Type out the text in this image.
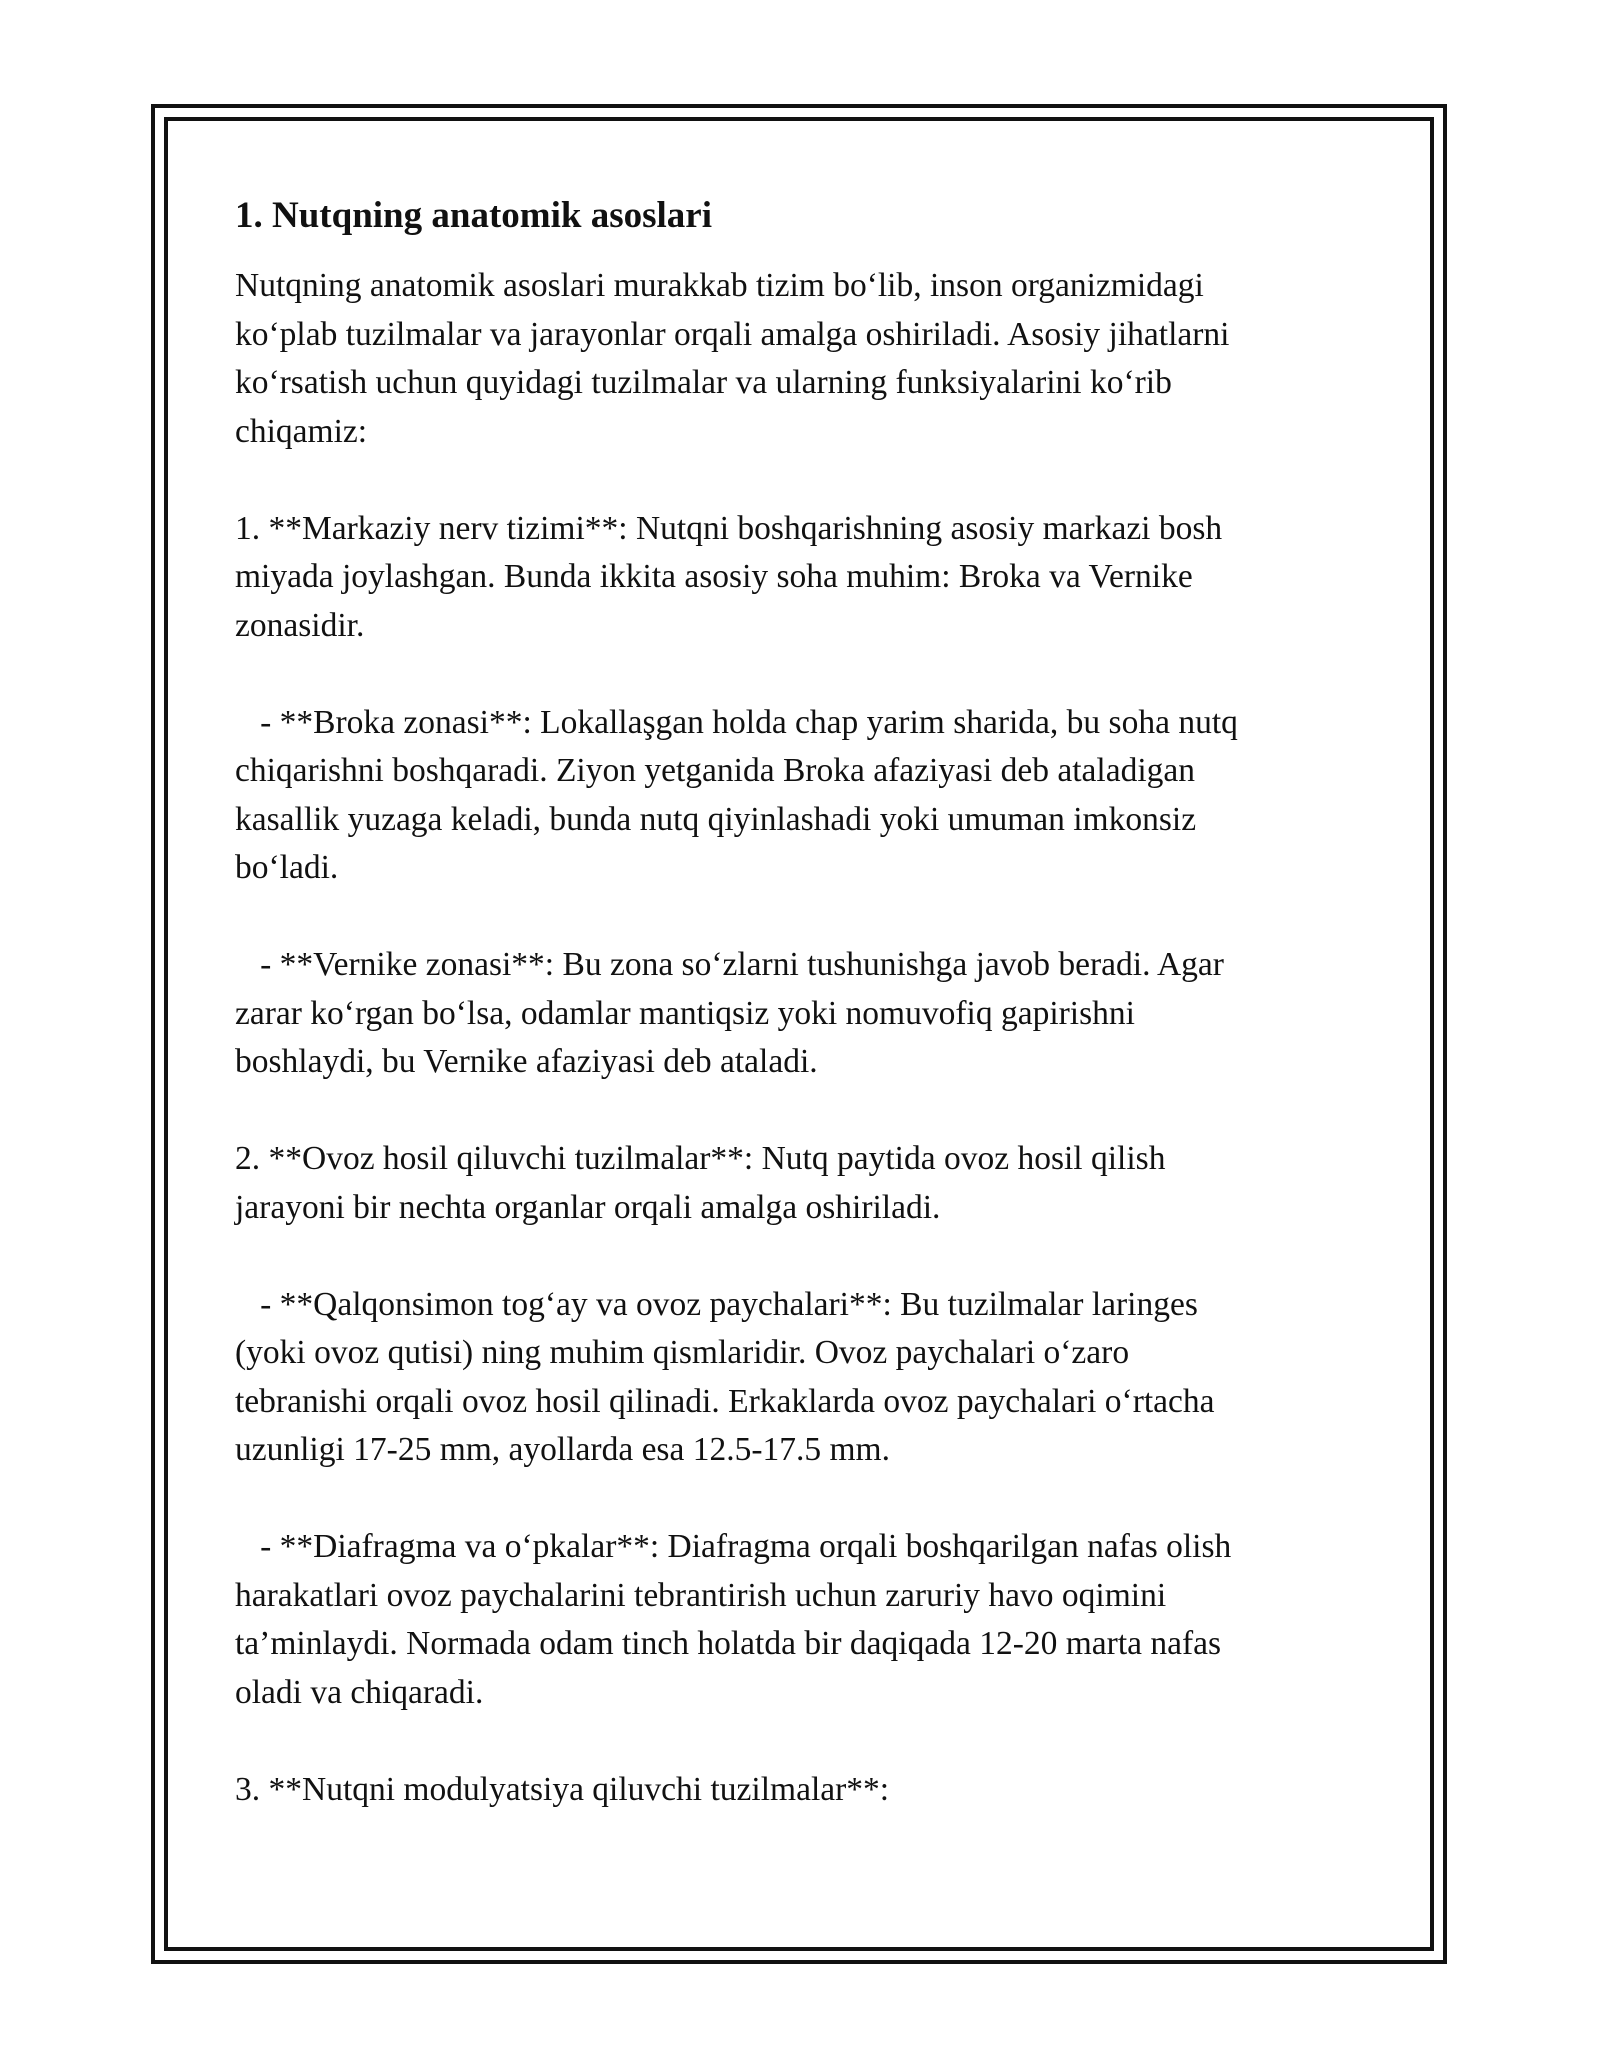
1. Nutqning anatomik asoslari

Nutqning anatomik asoslari murakkab tizim bo‘lib, inson organizmidagi
ko‘plab tuzilmalar va jarayonlar orqali amalga oshiriladi. Asosiy jihatlarni
ko‘rsatish uchun quyidagi tuzilmalar va ularning funksiyalarini ko‘rib
chiqamiz:

1. **Markaziy nerv tizimi**: Nutqni boshqarishning asosiy markazi bosh
miyada joylashgan. Bunda ikkita asosiy soha muhim: Broka va Vernike
zonasidir.

- **Broka zonasi**: Lokallaşgan holda chap yarim sharida, bu soha nutq
chiqarishni boshqaradi. Ziyon yetganida Broka afaziyasi deb ataladigan
kasallik yuzaga keladi, bunda nutq qiyinlashadi yoki umuman imkonsiz
bo‘ladi.

- **Vernike zonasi**: Bu zona so‘zlarni tushunishga javob beradi. Agar
zarar ko‘rgan bo‘lsa, odamlar mantiqsiz yoki nomuvofiq gapirishni
boshlaydi, bu Vernike afaziyasi deb ataladi.

2. **Ovoz hosil qiluvchi tuzilmalar**: Nutq paytida ovoz hosil qilish
jarayoni bir nechta organlar orqali amalga oshiriladi.

- **Qalqonsimon tog‘ay va ovoz paychalari**: Bu tuzilmalar laringes
(yoki ovoz qutisi) ning muhim qismlaridir. Ovoz paychalari o‘zaro
tebranishi orqali ovoz hosil qilinadi. Erkaklarda ovoz paychalari o‘rtacha
uzunligi 17-25 mm, ayollarda esa 12.5-17.5 mm.

- **Diafragma va o‘pkalar**: Diafragma orqali boshqarilgan nafas olish
harakatlari ovoz paychalarini tebrantirish uchun zaruriy havo oqimini
ta’minlaydi. Normada odam tinch holatda bir daqiqada 12-20 marta nafas
oladi va chiqaradi.

3. **Nutqni modulyatsiya qiluvchi tuzilmalar**:
